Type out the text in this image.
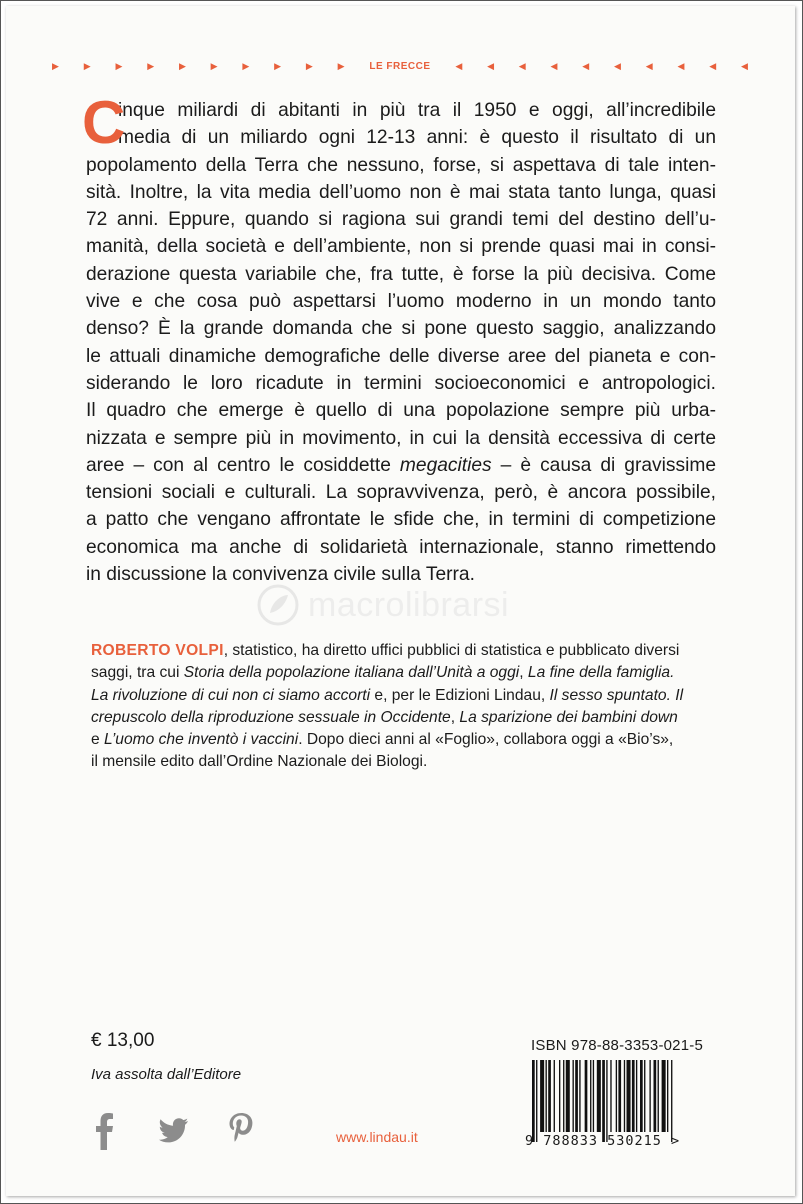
▶	▶	▶	▶	▶	▶	▶	▶	▶	▶ LE FRECCE	◀	◀	◀	◀	◀	◀	◀	◀	◀	◀
C
inque miliardi di abitanti in più tra il 1950 e oggi, all’incredibile
media di un miliardo ogni 12-13 anni: è questo il risultato di un
popolamento della Terra che nessuno, forse, si aspettava di tale inten-
sità. Inoltre, la vita media dell’uomo non è mai stata tanto lunga, quasi
72 anni. Eppure, quando si ragiona sui grandi temi del destino dell’u-
manità, della società e dell’ambiente, non si prende quasi mai in consi-
derazione questa variabile che, fra tutte, è forse la più decisiva. Come
vive e che cosa può aspettarsi l’uomo moderno in un mondo tanto
denso? È la grande domanda che si pone questo saggio, analizzando
le attuali dinamiche demografiche delle diverse aree del pianeta e con-
siderando le loro ricadute in termini socioeconomici e antropologici.
Il quadro che emerge è quello di una popolazione sempre più urba-
nizzata e sempre più in movimento, in cui la densità eccessiva di certe
aree – con al centro le cosiddette megacities – è causa di gravissime
tensioni sociali e culturali. La sopravvivenza, però, è ancora possibile,
a patto che vengano affrontate le sfide che, in termini di competizione
economica ma anche di solidarietà internazionale, stanno rimettendo
in discussione la convivenza civile sulla Terra.
macrolibrarsi
ROBERTO VOLPI, statistico, ha diretto uffici pubblici di statistica e pubblicato diversi
saggi, tra cui Storia della popolazione italiana dall’Unità a oggi, La fine della famiglia.
La rivoluzione di cui non ci siamo accorti e, per le Edizioni Lindau, Il sesso spuntato. Il
crepuscolo della riproduzione sessuale in Occidente, La sparizione dei bambini down
e L’uomo che inventò i vaccini. Dopo dieci anni al «Foglio», collabora oggi a «Bio’s»,
il mensile edito dall’Ordine Nazionale dei Biologi.
€ 13,00
Iva assolta dall’Editore
www.lindau.it
ISBN 978-88-3353-021-5
9 788833 530215 >
